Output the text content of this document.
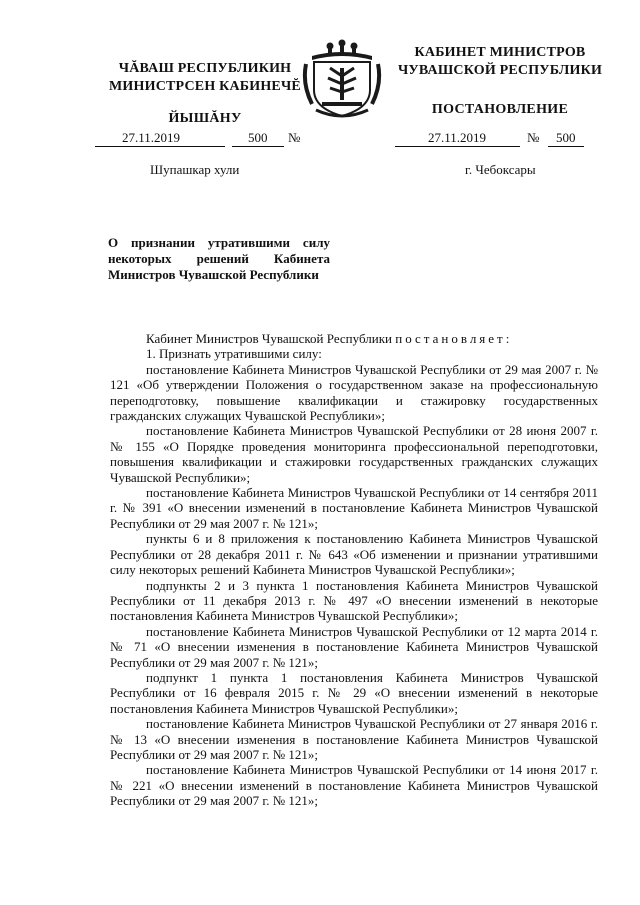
ЧĂВАШ РЕСПУБЛИКИН
МИНИСТРСЕН КАБИНЕЧĔ
ЙЫШĂНУ
КАБИНЕТ МИНИСТРОВ
ЧУВАШСКОЙ РЕСПУБЛИКИ
ПОСТАНОВЛЕНИЕ
27.11.2019	500 №	27.11.2019	№ 500
Шупашкар хули	г. Чебоксары
О признании утратившими силу некоторых решений Кабинета Министров Чувашской Республики

Кабинет Министров Чувашской Республики постановляет:

1. Признать утратившими силу:

постановление Кабинета Министров Чувашской Республики от 29 мая 2007 г. № 121 «Об утверждении Положения о государственном заказе на профессиональную переподготовку, повышение квалификации и стажировку государственных гражданских служащих Чувашской Республики»;

постановление Кабинета Министров Чувашской Республики от 28 июня 2007 г. № 155 «О Порядке проведения мониторинга профессиональной переподготовки, повышения квалификации и стажировки государственных гражданских служащих Чувашской Республики»;

постановление Кабинета Министров Чувашской Республики от 14 сентября 2011 г. № 391 «О внесении изменений в постановление Кабинета Министров Чувашской Республики от 29 мая 2007 г. № 121»;

пункты 6 и 8 приложения к постановлению Кабинета Министров Чувашской Республики от 28 декабря 2011 г. № 643 «Об изменении и признании утратившими силу некоторых решений Кабинета Министров Чувашской Республики»;

подпункты 2 и 3 пункта 1 постановления Кабинета Министров Чувашской Республики от 11 декабря 2013 г. № 497 «О внесении изменений в некоторые постановления Кабинета Министров Чувашской Республики»;

постановление Кабинета Министров Чувашской Республики от 12 марта 2014 г. № 71 «О внесении изменения в постановление Кабинета Министров Чувашской Республики от 29 мая 2007 г. № 121»;

подпункт 1 пункта 1 постановления Кабинета Министров Чувашской Республики от 16 февраля 2015 г. № 29 «О внесении изменений в некоторые постановления Кабинета Министров Чувашской Республики»;

постановление Кабинета Министров Чувашской Республики от 27 января 2016 г. № 13 «О внесении изменения в постановление Кабинета Министров Чувашской Республики от 29 мая 2007 г. № 121»;

постановление Кабинета Министров Чувашской Республики от 14 июня 2017 г. № 221 «О внесении изменений в постановление Кабинета Министров Чувашской Республики от 29 мая 2007 г. № 121»;
